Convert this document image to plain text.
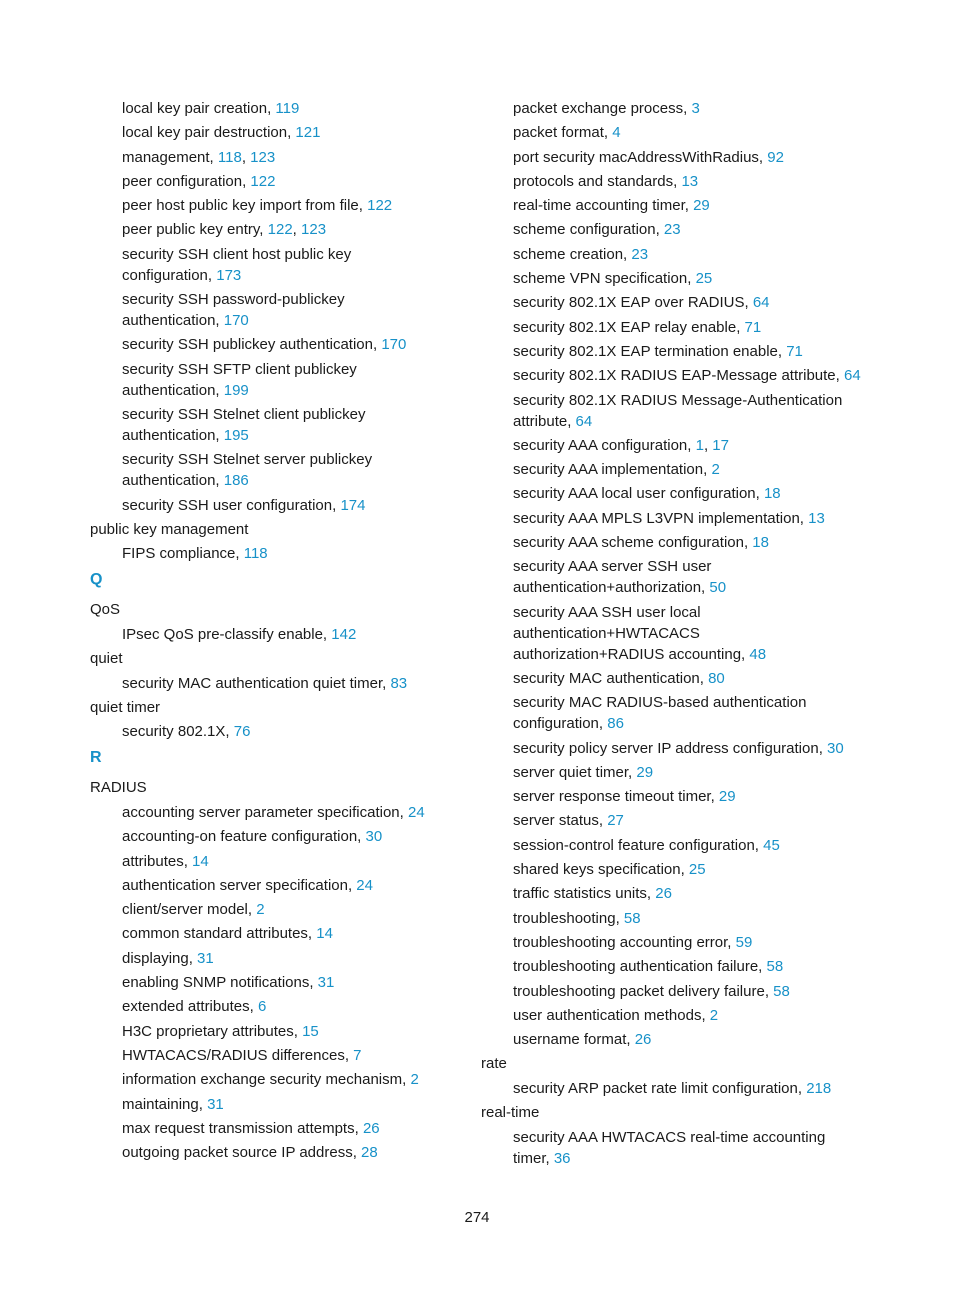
local key pair creation, 119
local key pair destruction, 121
management, 118, 123
peer configuration, 122
peer host public key import from file, 122
peer public key entry, 122, 123
security SSH client host public key
configuration, 173
security SSH password-publickey
authentication, 170
security SSH publickey authentication, 170
security SSH SFTP client publickey
authentication, 199
security SSH Stelnet client publickey
authentication, 195
security SSH Stelnet server publickey
authentication, 186
security SSH user configuration, 174
public key management
FIPS compliance, 118
Q
QoS
IPsec QoS pre-classify enable, 142
quiet
security MAC authentication quiet timer, 83
quiet timer
security 802.1X, 76
R
RADIUS
accounting server parameter specification, 24
accounting-on feature configuration, 30
attributes, 14
authentication server specification, 24
client/server model, 2
common standard attributes, 14
displaying, 31
enabling SNMP notifications, 31
extended attributes, 6
H3C proprietary attributes, 15
HWTACACS/RADIUS differences, 7
information exchange security mechanism, 2
maintaining, 31
max request transmission attempts, 26
outgoing packet source IP address, 28
packet exchange process, 3
packet format, 4
port security macAddressWithRadius, 92
protocols and standards, 13
real-time accounting timer, 29
scheme configuration, 23
scheme creation, 23
scheme VPN specification, 25
security 802.1X EAP over RADIUS, 64
security 802.1X EAP relay enable, 71
security 802.1X EAP termination enable, 71
security 802.1X RADIUS EAP-Message attribute, 64
security 802.1X RADIUS Message-Authentication
attribute, 64
security AAA configuration, 1, 17
security AAA implementation, 2
security AAA local user configuration, 18
security AAA MPLS L3VPN implementation, 13
security AAA scheme configuration, 18
security AAA server SSH user
authentication+authorization, 50
security AAA SSH user local
authentication+HWTACACS
authorization+RADIUS accounting, 48
security MAC authentication, 80
security MAC RADIUS-based authentication
configuration, 86
security policy server IP address configuration, 30
server quiet timer, 29
server response timeout timer, 29
server status, 27
session-control feature configuration, 45
shared keys specification, 25
traffic statistics units, 26
troubleshooting, 58
troubleshooting accounting error, 59
troubleshooting authentication failure, 58
troubleshooting packet delivery failure, 58
user authentication methods, 2
username format, 26
rate
security ARP packet rate limit configuration, 218
real-time
security AAA HWTACACS real-time accounting
timer, 36
274
